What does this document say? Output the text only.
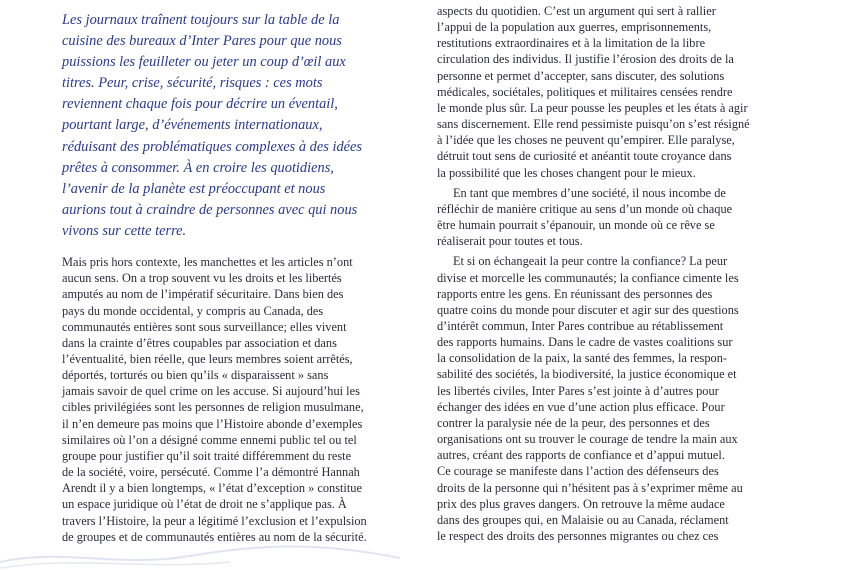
Les journaux traînent toujours sur la table de la
cuisine des bureaux d’Inter Pares pour que nous
puissions les feuilleter ou jeter un coup d’œil aux
titres. Peur, crise, sécurité, risques : ces mots
reviennent chaque fois pour décrire un éventail,
pourtant large, d’événements internationaux,
réduisant des problématiques complexes à des idées
prêtes à consommer. À en croire les quotidiens,
l’avenir de la planète est préoccupant et nous
aurions tout à craindre de personnes avec qui nous
vivons sur cette terre.
Mais pris hors contexte, les manchettes et les articles n’ont
aucun sens. On a trop souvent vu les droits et les libertés
amputés au nom de l’impératif sécuritaire. Dans bien des
pays du monde occidental, y compris au Canada, des
communautés entières sont sous surveillance; elles vivent
dans la crainte d’êtres coupables par association et dans
l’éventualité, bien réelle, que leurs membres soient arrêtés,
déportés, torturés ou bien qu’ils « disparaissent » sans
jamais savoir de quel crime on les accuse. Si aujourd’hui les
cibles privilégiées sont les personnes de religion musulmane,
il n’en demeure pas moins que l’Histoire abonde d’exemples
similaires où l’on a désigné comme ennemi public tel ou tel
groupe pour justifier qu’il soit traité différemment du reste
de la société, voire, persécuté. Comme l’a démontré Hannah
Arendt il y a bien longtemps, « l’état d’exception » constitue
un espace juridique où l’état de droit ne s’applique pas. À
travers l’Histoire, la peur a légitimé l’exclusion et l’expulsion
de groupes et de communautés entières au nom de la sécurité.
aspects du quotidien. C’est un argument qui sert à rallier
l’appui de la population aux guerres, emprisonnements,
restitutions extraordinaires et à la limitation de la libre
circulation des individus. Il justifie l’érosion des droits de la
personne et permet d’accepter, sans discuter, des solutions
médicales, sociétales, politiques et militaires censées rendre
le monde plus sûr. La peur pousse les peuples et les états à agir
sans discernement. Elle rend pessimiste puisqu’on s’est résigné
à l’idée que les choses ne peuvent qu’empirer. Elle paralyse,
détruit tout sens de curiosité et anéantit toute croyance dans
la possibilité que les choses changent pour le mieux.
En tant que membres d’une société, il nous incombe de
réfléchir de manière critique au sens d’un monde où chaque
être humain pourrait s’épanouir, un monde où ce rêve se
réaliserait pour toutes et tous.
Et si on échangeait la peur contre la confiance? La peur
divise et morcelle les communautés; la confiance cimente les
rapports entre les gens. En réunissant des personnes des
quatre coins du monde pour discuter et agir sur des questions
d’intérêt commun, Inter Pares contribue au rétablissement
des rapports humains. Dans le cadre de vastes coalitions sur
la consolidation de la paix, la santé des femmes, la respon-
sabilité des sociétés, la biodiversité, la justice économique et
les libertés civiles, Inter Pares s’est jointe à d’autres pour
échanger des idées en vue d’une action plus efficace. Pour
contrer la paralysie née de la peur, des personnes et des
organisations ont su trouver le courage de tendre la main aux
autres, créant des rapports de confiance et d’appui mutuel.
Ce courage se manifeste dans l’action des défenseurs des
droits de la personne qui n’hésitent pas à s’exprimer même au
prix des plus graves dangers. On retrouve la même audace
dans des groupes qui, en Malaisie ou au Canada, réclament
le respect des droits des personnes migrantes ou chez ces
